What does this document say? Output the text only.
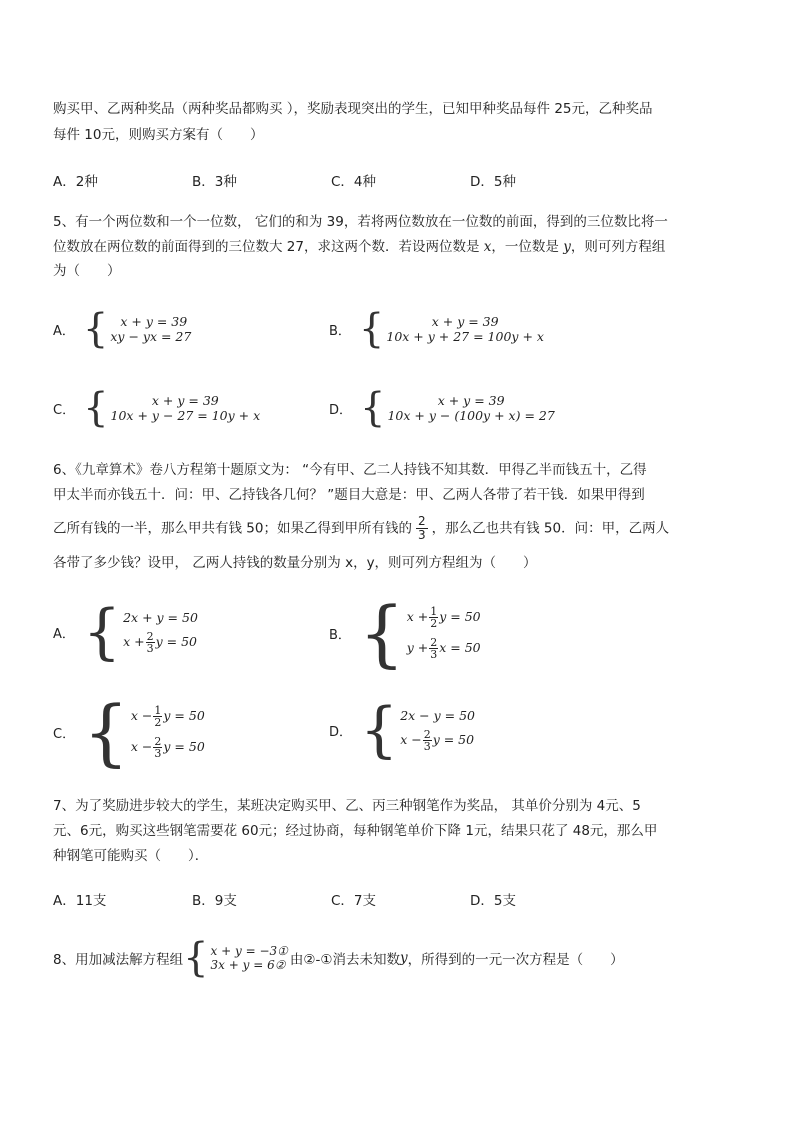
购买甲、乙两种奖品（两种奖品都购买 ），奖励表现突出的学生，已知甲种奖品每件 25元，乙种奖品
每件 10元，则购买方案有（　　）
A．2种	B．3种	C．4种	D．5种
5、有一个两位数和一个一位数， 它们的和为 39，若将两位数放在一位数的前面，得到的三位数比将一
位数放在两位数的前面得到的三位数大 27，求这两个数．若设两位数是 x，一位数是 y，则可列方程组
为（　　）
A． { x + y = 39
xy − yx = 27	B． {	x + y = 39
10x + y + 27 = 100y + x
C． {	x + y = 39
10x + y − 27 = 10y + x	D． {	x + y = 39
10x + y − (100y + x) = 27
6、《九章算术》卷八方程第十题原文为： “今有甲、乙二人持钱不知其数．甲得乙半而钱五十，乙得
甲太半而亦钱五十．问：甲、乙持钱各几何？ ”题目大意是：甲、乙两人各带了若干钱．如果甲得到
乙所有钱的一半，那么甲共有钱 50；如果乙得到甲所有钱的 $\frac{2}{3}$ ，那么乙也共有钱 50．问：甲，乙两人
各带了多少钱？设甲， 乙两人持钱的数量分别为 x，y，则可列方程组为（　　）
A． { 2x + y = 50
$x + \frac{2}{3}$ y = 50	B． { $x + \frac{1}{2}$ y = 50
$y + \frac{2}{3}$ x = 50
C． { $x - \frac{1}{2}$ y = 50
$x - \frac{2}{3}$ y = 50
D． { 2x − y = 50
$x - \frac{2}{3}$ y = 50
7、为了奖励进步较大的学生，某班决定购买甲、乙、丙三种钢笔作为奖品， 其单价分别为 4元、5
元、6元，购买这些钢笔需要花 60元；经过协商，每种钢笔单价下降 1元，结果只花了 48元，那么甲
种钢笔可能购买（　　）．
A．11支	B．9支	C．7支	D．5支
8、用加减法解方程组 { x + y = −3①
3x + y = 6② 由②-①消去未知数 y ，所得到的一元一次方程是（　　）
